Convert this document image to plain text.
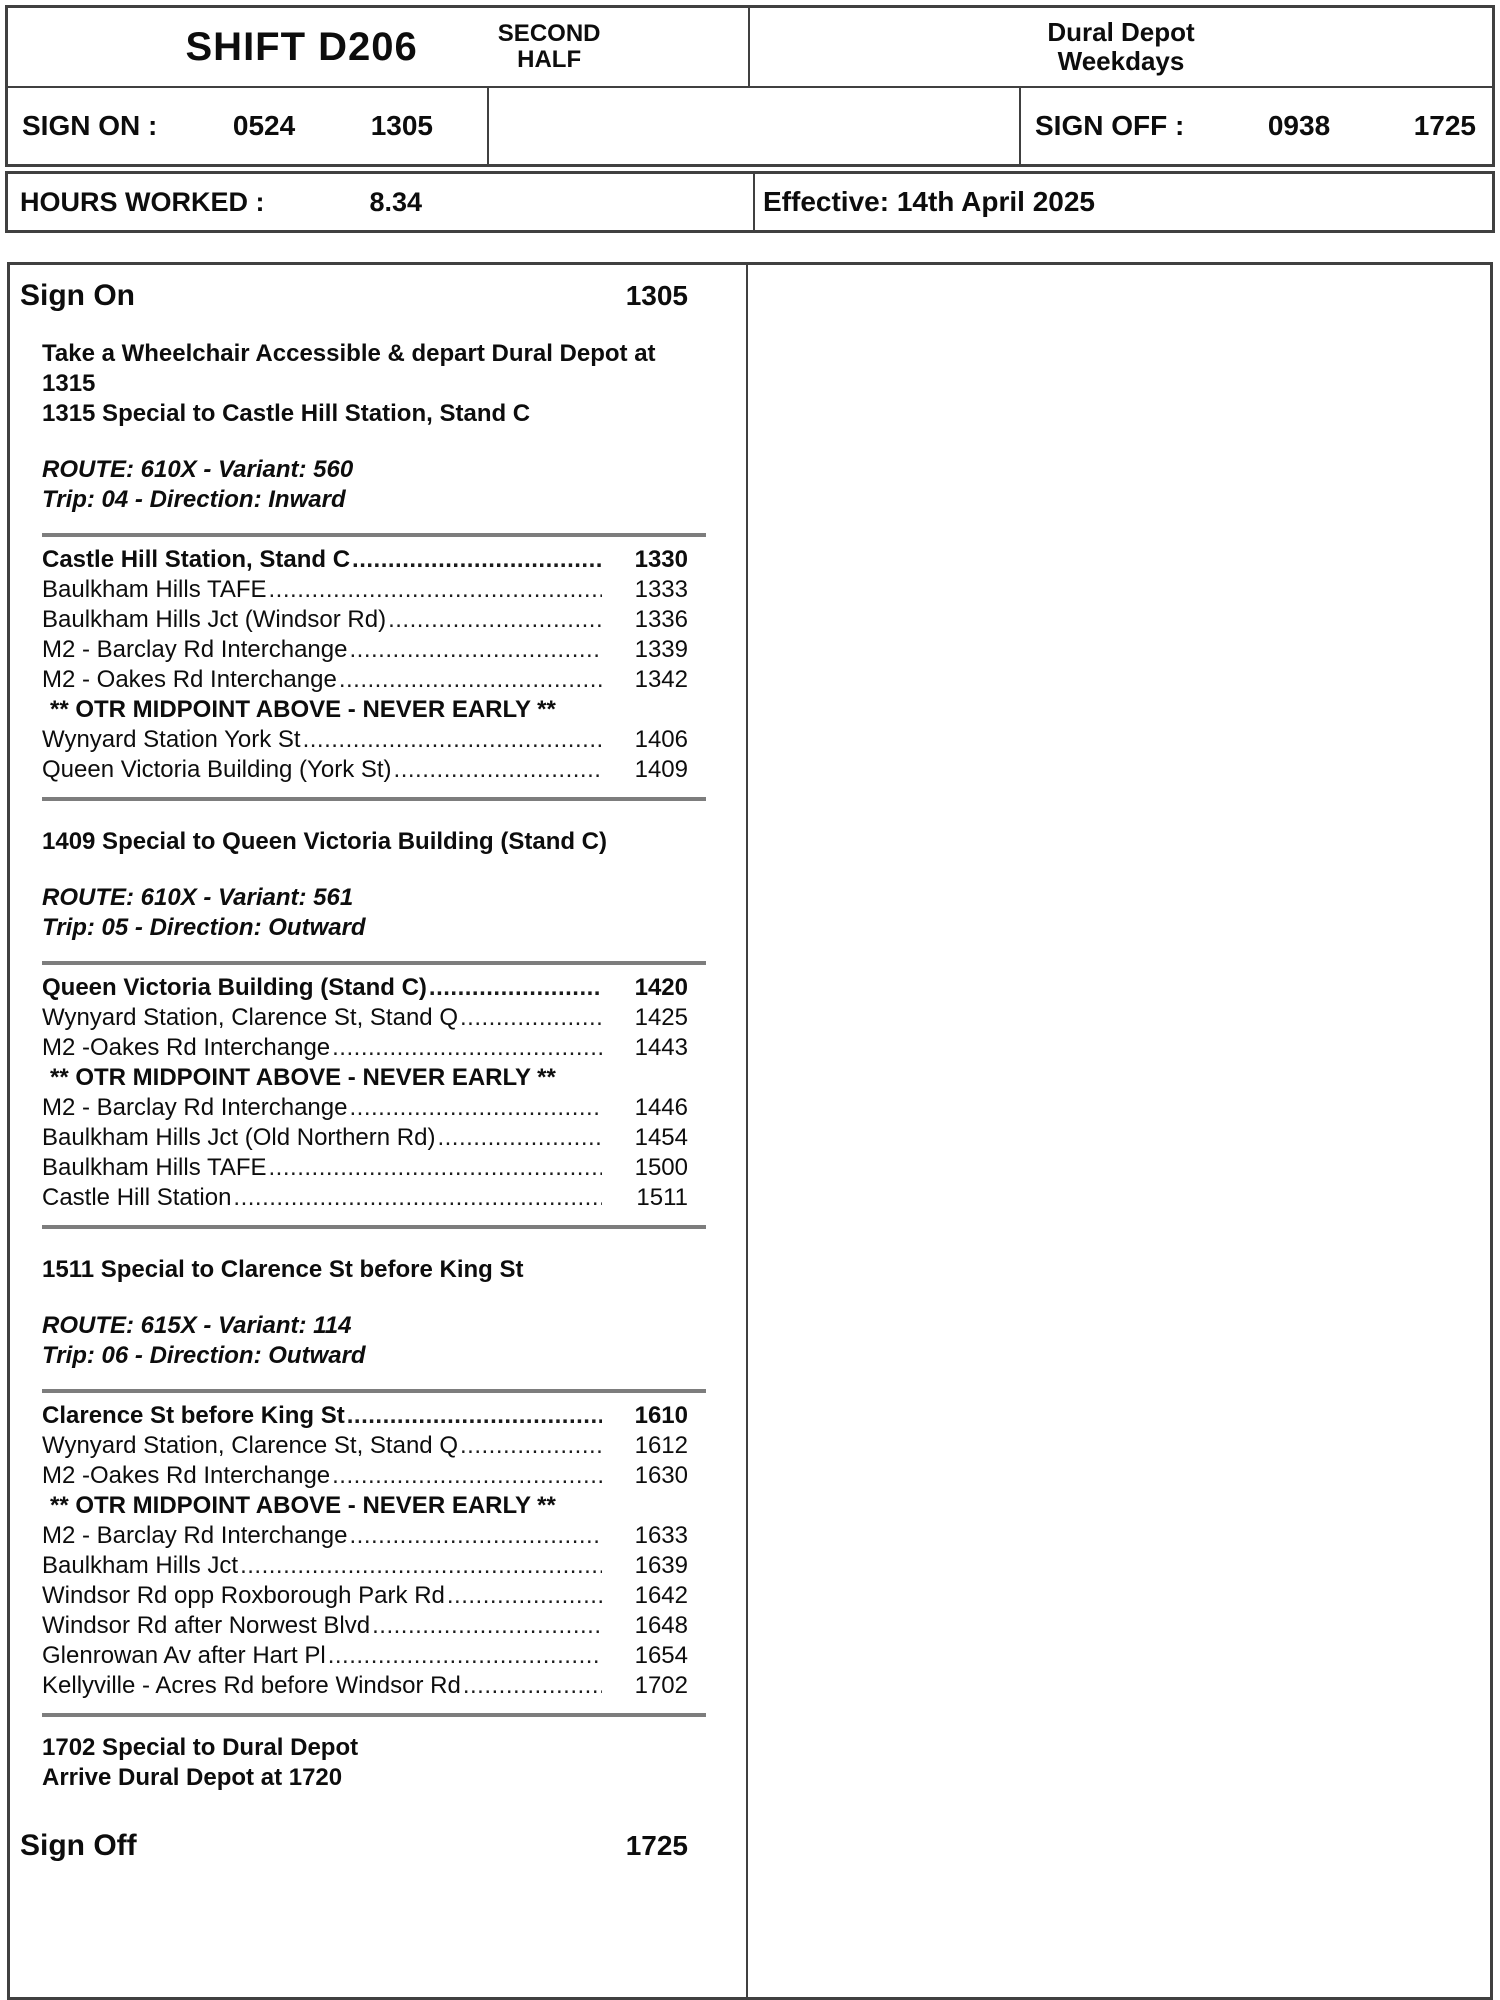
SHIFT D206	SECOND
HALF
Dural Depot
Weekdays
SIGN ON :	0524	1305	SIGN OFF :	0938	1725
HOURS WORKED :	8.34	Effective: 14th April 2025
Sign On	1305
Take a Wheelchair Accessible & depart Dural Depot at
1315
1315 Special to Castle Hill Station, Stand C
ROUTE: 610X - Variant: 560
Trip: 04 - Direction: Inward
Castle Hill Station, Stand C .....	1330
Baulkham Hills TAFE .....	1333
Baulkham Hills Jct (Windsor Rd) .....	1336
M2 - Barclay Rd Interchange .....	1339
M2 - Oakes Rd Interchange .....	1342
** OTR MIDPOINT ABOVE - NEVER EARLY **
Wynyard Station York St .....	1406
Queen Victoria Building (York St) .....	1409
1409 Special to Queen Victoria Building (Stand C)
ROUTE: 610X - Variant: 561
Trip: 05 - Direction: Outward
Queen Victoria Building (Stand C) .....	1420
Wynyard Station, Clarence St, Stand Q .....	1425
M2 -Oakes Rd Interchange .....	1443
** OTR MIDPOINT ABOVE - NEVER EARLY **
M2 - Barclay Rd Interchange .....	1446
Baulkham Hills Jct (Old Northern Rd) .....	1454
Baulkham Hills TAFE .....	1500
Castle Hill Station .....	1511
1511 Special to Clarence St before King St
ROUTE: 615X - Variant: 114
Trip: 06 - Direction: Outward
Clarence St before King St .....	1610
Wynyard Station, Clarence St, Stand Q .....	1612
M2 -Oakes Rd Interchange .....	1630
** OTR MIDPOINT ABOVE - NEVER EARLY **
M2 - Barclay Rd Interchange .....	1633
Baulkham Hills Jct .....	1639
Windsor Rd opp Roxborough Park Rd .....	1642
Windsor Rd after Norwest Blvd .....	1648
Glenrowan Av after Hart Pl .....	1654
Kellyville - Acres Rd before Windsor Rd .....	1702
1702 Special to Dural Depot
Arrive Dural Depot at 1720
Sign Off	1725
